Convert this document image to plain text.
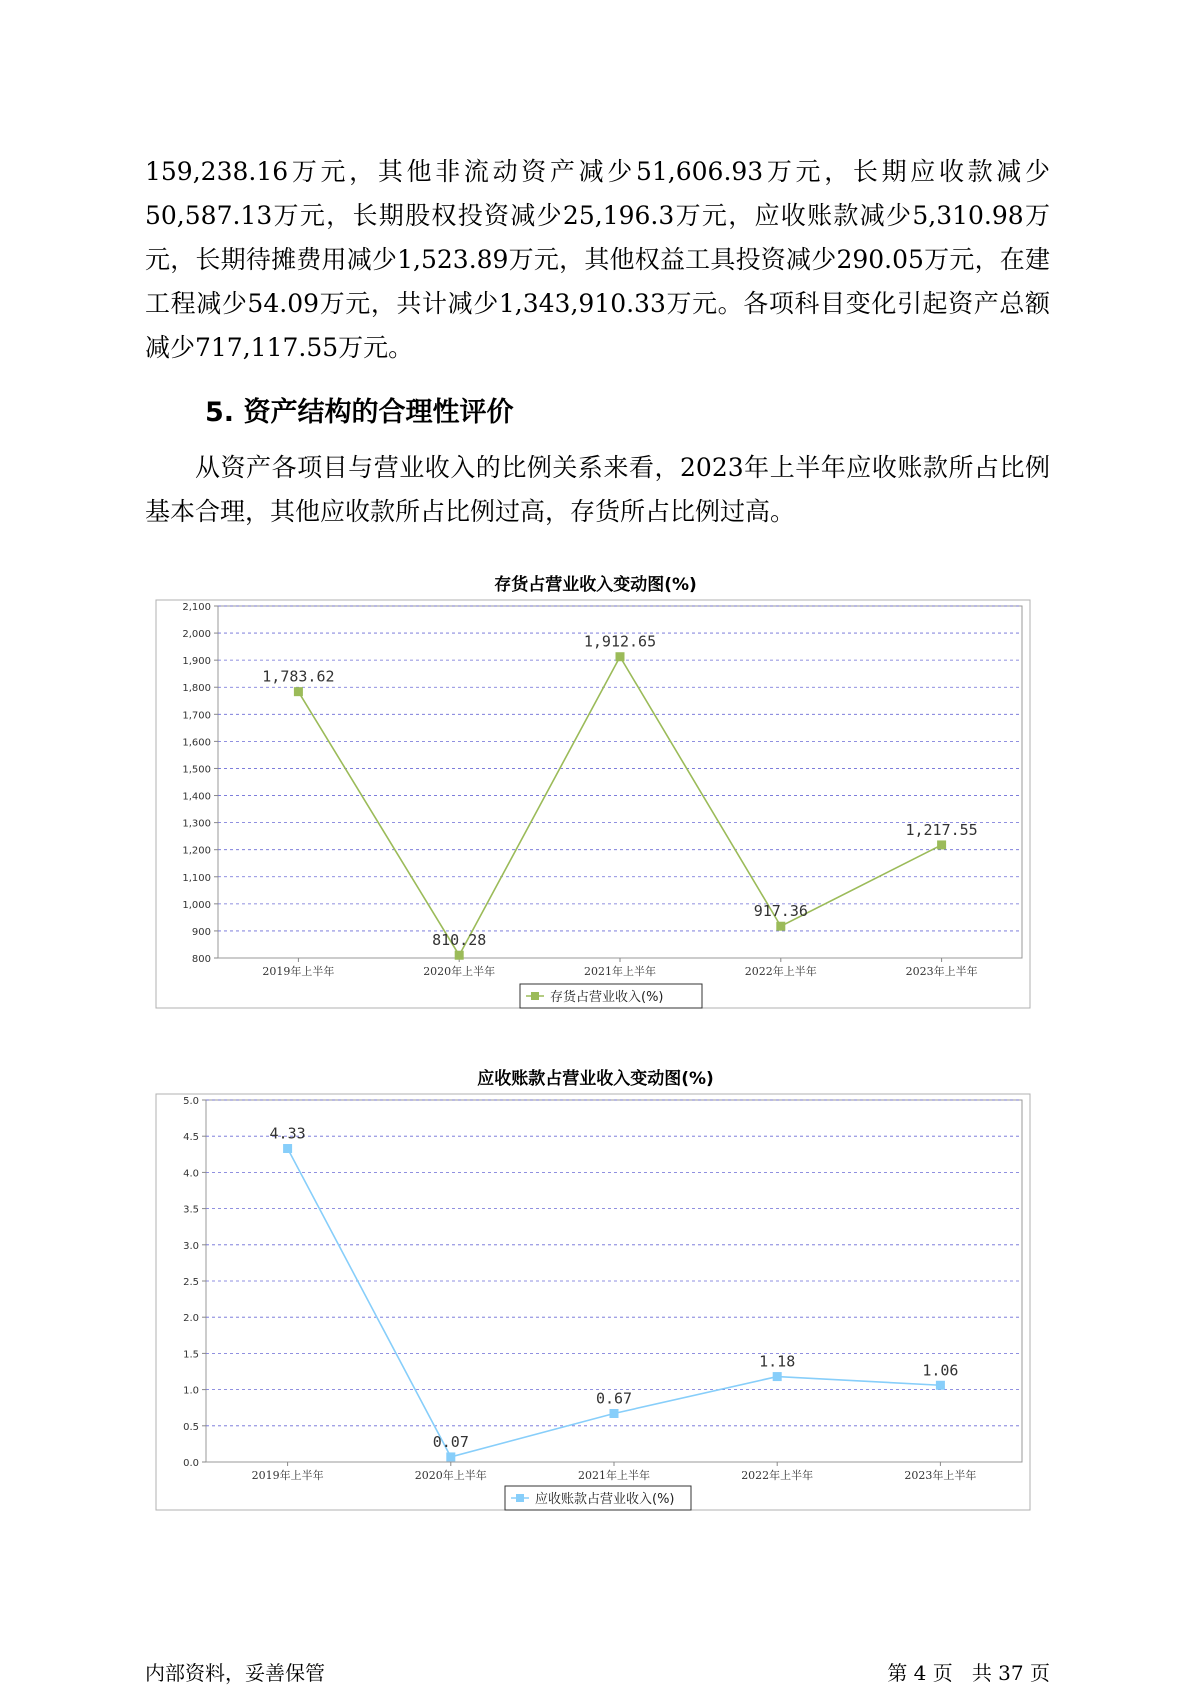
159,238.16万元，其他非流动资产减少51,606.93万元，长期应收款减少50,587.13万元，长期股权投资减少25,196.3万元，应收账款减少5,310.98万元，长期待摊费用减少1,523.89万元，其他权益工具投资减少290.05万元，在建工程减少54.09万元，共计减少1,343,910.33万元。各项科目变化引起资产总额减少717,117.55万元。
5. 资产结构的合理性评价
从资产各项目与营业收入的比例关系来看，2023年上半年应收账款所占比例基本合理，其他应收款所占比例过高，存货所占比例过高。
存货占营业收入变动图(%)
800
900
1,000
1,100
1,200
1,300
1,400
1,500
1,600
1,700
1,800
1,900
2,000
2,100
2019年上半年	2020年上半年	2021年上半年	2022年上半年	2023年上半年
1,783.62
810.28
1,912.65
917.36
1,217.55
存货占营业收入(%)
应收账款占营业收入变动图(%)
0.0
0.5
1.0
1.5
2.0
2.5
3.0
3.5
4.0
4.5
5.0
2019年上半年	2020年上半年	2021年上半年	2022年上半年	2023年上半年
4.33
0.07
0.67
1.18	1.06
应收账款占营业收入(%)
内部资料，妥善保管	第 4 页   共 37 页
